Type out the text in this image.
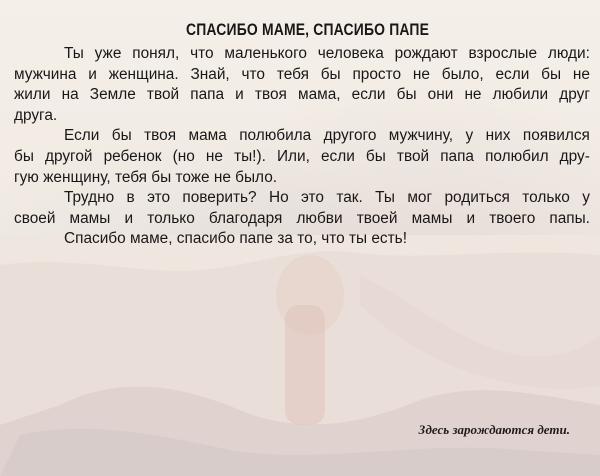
СПАСИБО МАМЕ, СПАСИБО ПАПЕ
Ты уже понял, что маленького человека рождают взрослые люди:
мужчина и женщина. Знай, что тебя бы просто не было, если бы не
жили на Земле твой папа и твоя мама, если бы они не любили друг
друга.
Если бы твоя мама полюбила другого мужчину, у них появился
бы другой ребенок (но не ты!). Или, если бы твой папа полюбил дру-
гую женщину, тебя бы тоже не было.
Трудно в это поверить? Но это так. Ты мог родиться только у
своей мамы и только благодаря любви твоей мамы и твоего папы.
Спасибо маме, спасибо папе за то, что ты есть!
Здесь зарождаются дети.
